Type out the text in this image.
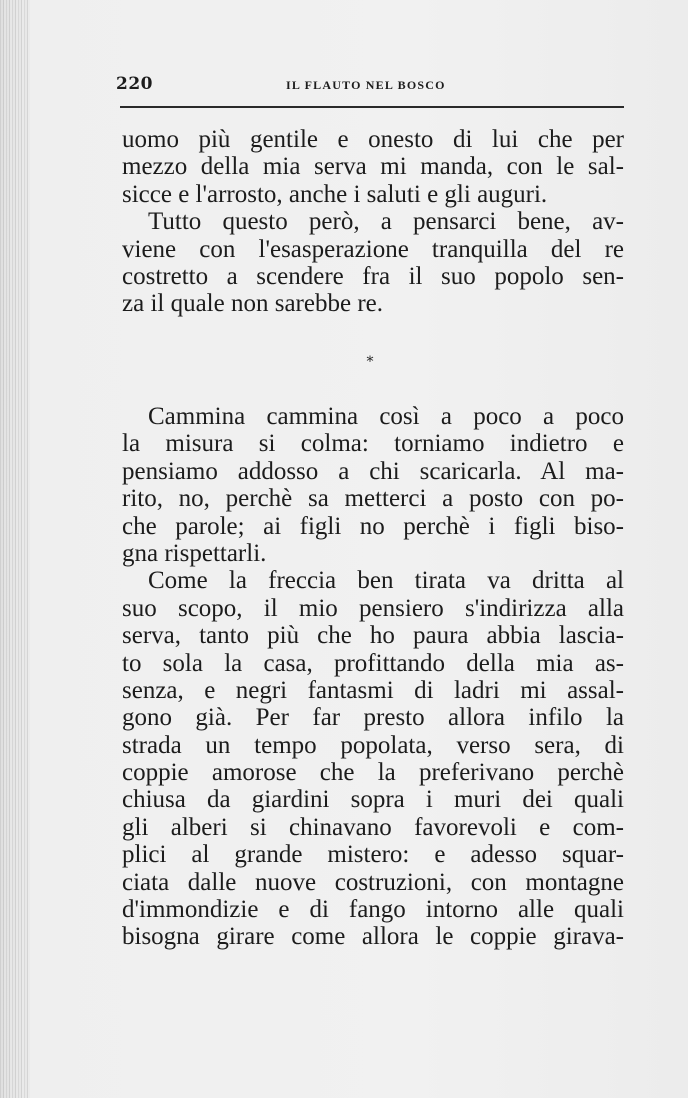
220	IL FLAUTO NEL BOSCO
uomo più gentile e onesto di lui che per
mezzo della mia serva mi manda, con le sal-
sicce e l'arrosto, anche i saluti e gli auguri.
Tutto questo però, a pensarci bene, av-
viene con l'esasperazione tranquilla del re
costretto a scendere fra il suo popolo sen-
za il quale non sarebbe re.
*
Cammina cammina così a poco a poco
la misura si colma: torniamo indietro e
pensiamo addosso a chi scaricarla. Al ma-
rito, no, perchè sa metterci a posto con po-
che parole; ai figli no perchè i figli biso-
gna rispettarli.
Come la freccia ben tirata va dritta al
suo scopo, il mio pensiero s'indirizza alla
serva, tanto più che ho paura abbia lascia-
to sola la casa, profittando della mia as-
senza, e negri fantasmi di ladri mi assal-
gono già. Per far presto allora infilo la
strada un tempo popolata, verso sera, di
coppie amorose che la preferivano perchè
chiusa da giardini sopra i muri dei quali
gli alberi si chinavano favorevoli e com-
plici al grande mistero: e adesso squar-
ciata dalle nuove costruzioni, con montagne
d'immondizie e di fango intorno alle quali
bisogna girare come allora le coppie girava-
